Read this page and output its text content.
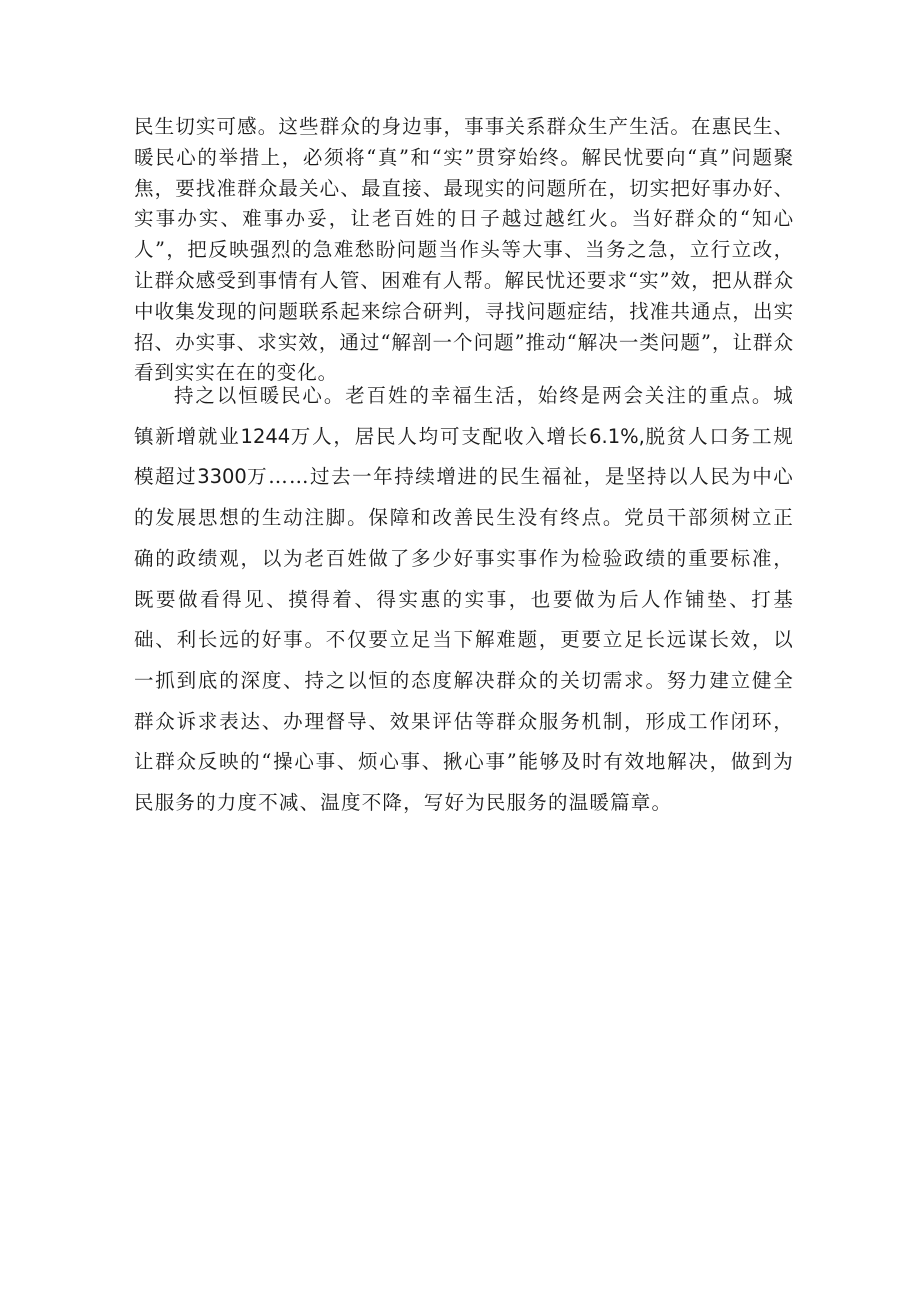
民生切实可感。这些群众的身边事，事事关系群众生产生活。在惠民生、暖民心的举措上，必须将“真”和“实”贯穿始终。解民忧要向“真”问题聚焦，要找准群众最关心、最直接、最现实的问题所在，切实把好事办好、实事办实、难事办妥，让老百姓的日子越过越红火。当好群众的“知心人”，把反映强烈的急难愁盼问题当作头等大事、当务之急，立行立改，让群众感受到事情有人管、困难有人帮。解民忧还要求“实”效，把从群众中收集发现的问题联系起来综合研判，寻找问题症结，找准共通点，出实招、办实事、求实效，通过“解剖一个问题”推动“解决一类问题”，让群众看到实实在在的变化。

持之以恒暖民心。老百姓的幸福生活，始终是两会关注的重点。城镇新增就业1244万人，居民人均可支配收入增长6.1%,脱贫人口务工规模超过3300万……过去一年持续增进的民生福祉，是坚持以人民为中心的发展思想的生动注脚。保障和改善民生没有终点。党员干部须树立正确的政绩观，以为老百姓做了多少好事实事作为检验政绩的重要标准，既要做看得见、摸得着、得实惠的实事，也要做为后人作铺垫、打基础、利长远的好事。不仅要立足当下解难题，更要立足长远谋长效，以一抓到底的深度、持之以恒的态度解决群众的关切需求。努力建立健全群众诉求表达、办理督导、效果评估等群众服务机制，形成工作闭环，让群众反映的“操心事、烦心事、揪心事”能够及时有效地解决，做到为民服务的力度不减、温度不降，写好为民服务的温暖篇章。
